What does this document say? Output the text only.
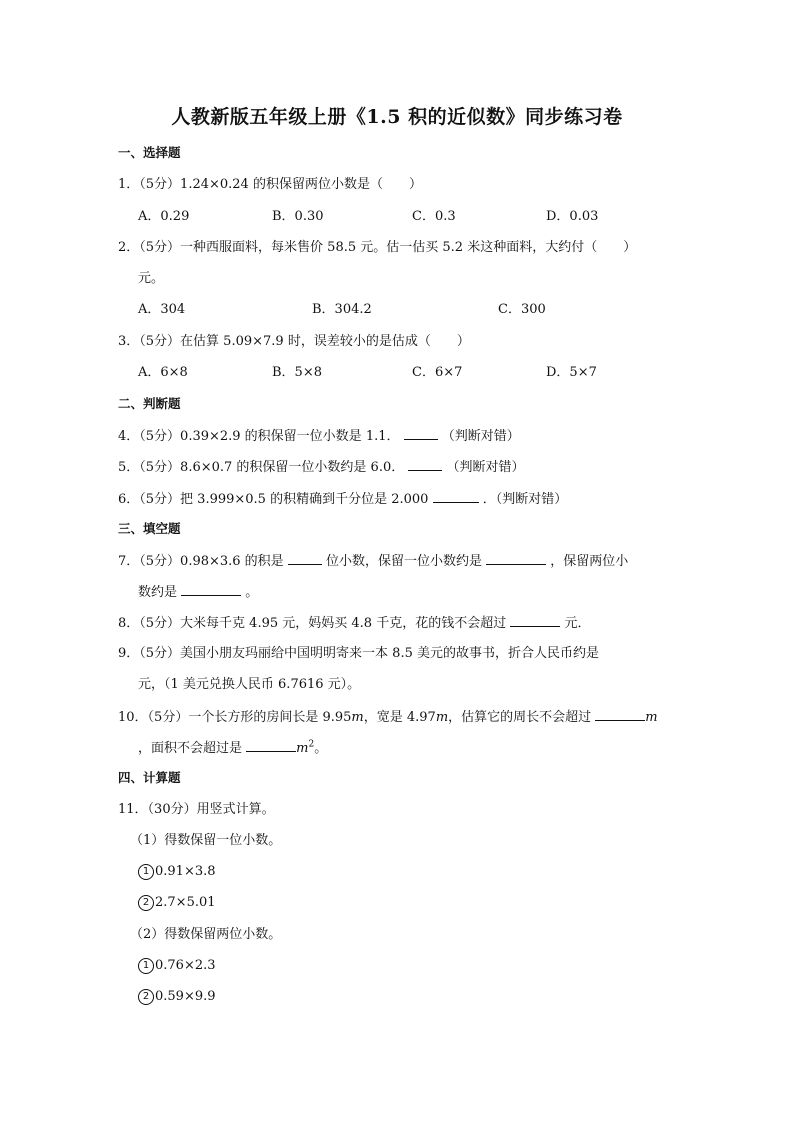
人教新版五年级上册《1.5 积的近似数》同步练习卷
一、选择题
1．（5分）1.24×0.24 的积保留两位小数是（　　）
A．0.29	B．0.30	C．0.3	D．0.03
2．（5分）一种西服面料，每米售价 58.5 元。估一估买 5.2 米这种面料，大约付（　　）
元。
A．304	B．304.2	C．300
3．（5分）在估算 5.09×7.9 时，误差较小的是估成（　　）
A．6×8	B．5×8	C．6×7	D．5×7
二、判断题
4．（5分）0.39×2.9 的积保留一位小数是 1.1．	（判断对错）
5．（5分）8.6×0.7 的积保留一位小数约是 6.0．	（判断对错）
6．（5分）把 3.999×0.5 的积精确到千分位是 2.000	．（判断对错）
三、填空题
7．（5分）0.98×3.6 的积是	位小数，保留一位小数约是	，保留两位小
数约是	。
8．（5分）大米每千克 4.95 元，妈妈买 4.8 千克，花的钱不会超过	元．
9．（5分）美国小朋友玛丽给中国明明寄来一本 8.5 美元的故事书，折合人民币约是
元，（1 美元兑换人民币 6.7616 元）。
10．（5分）一个长方形的房间长是 9.95m，宽是 4.97m，估算它的周长不会超过	m
，面积不会超过是	$m^2$。
四、计算题
11．（30分）用竖式计算。
（1）得数保留一位小数。
1 0.91×3.8
2 2.7×5.01
（2）得数保留两位小数。
1 0.76×2.3
2 0.59×9.9
